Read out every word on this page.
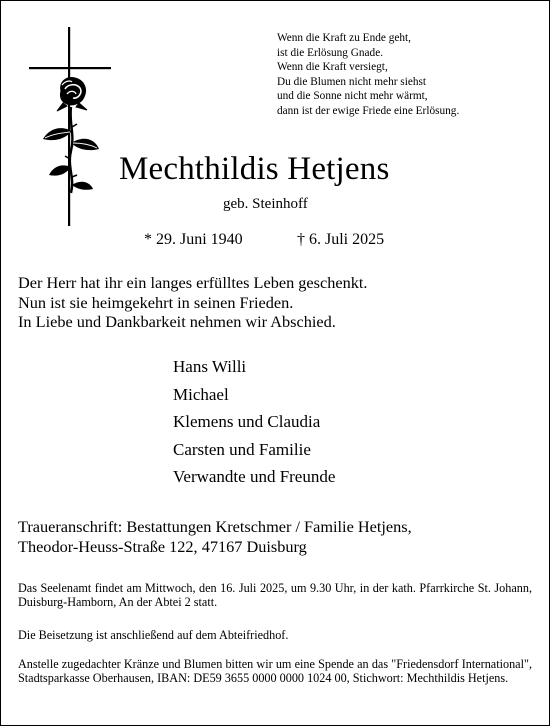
Wenn die Kraft zu Ende geht,
ist die Erlösung Gnade.
Wenn die Kraft versiegt,
Du die Blumen nicht mehr siehst
und die Sonne nicht mehr wärmt,
dann ist der ewige Friede eine Erlösung.
Mechthildis Hetjens
geb. Steinhoff
* 29. Juni 1940	† 6. Juli 2025
Der Herr hat ihr ein langes erfülltes Leben geschenkt.
Nun ist sie heimgekehrt in seinen Frieden.
In Liebe und Dankbarkeit nehmen wir Abschied.
Hans Willi
Michael
Klemens und Claudia
Carsten und Familie
Verwandte und Freunde
Traueranschrift: Bestattungen Kretschmer / Familie Hetjens,
Theodor-Heuss-Straße 122, 47167 Duisburg
Das Seelenamt findet am Mittwoch, den 16. Juli 2025, um 9.30 Uhr, in der kath. Pfarrkirche St. Johann, Duisburg-Hamborn, An der Abtei 2 statt.
Die Beisetzung ist anschließend auf dem Abteifriedhof.
Anstelle zugedachter Kränze und Blumen bitten wir um eine Spende an das "Friedensdorf International", Stadtsparkasse Oberhausen, IBAN: DE59 3655 0000 0000 1024 00, Stichwort: Mechthildis Hetjens.
